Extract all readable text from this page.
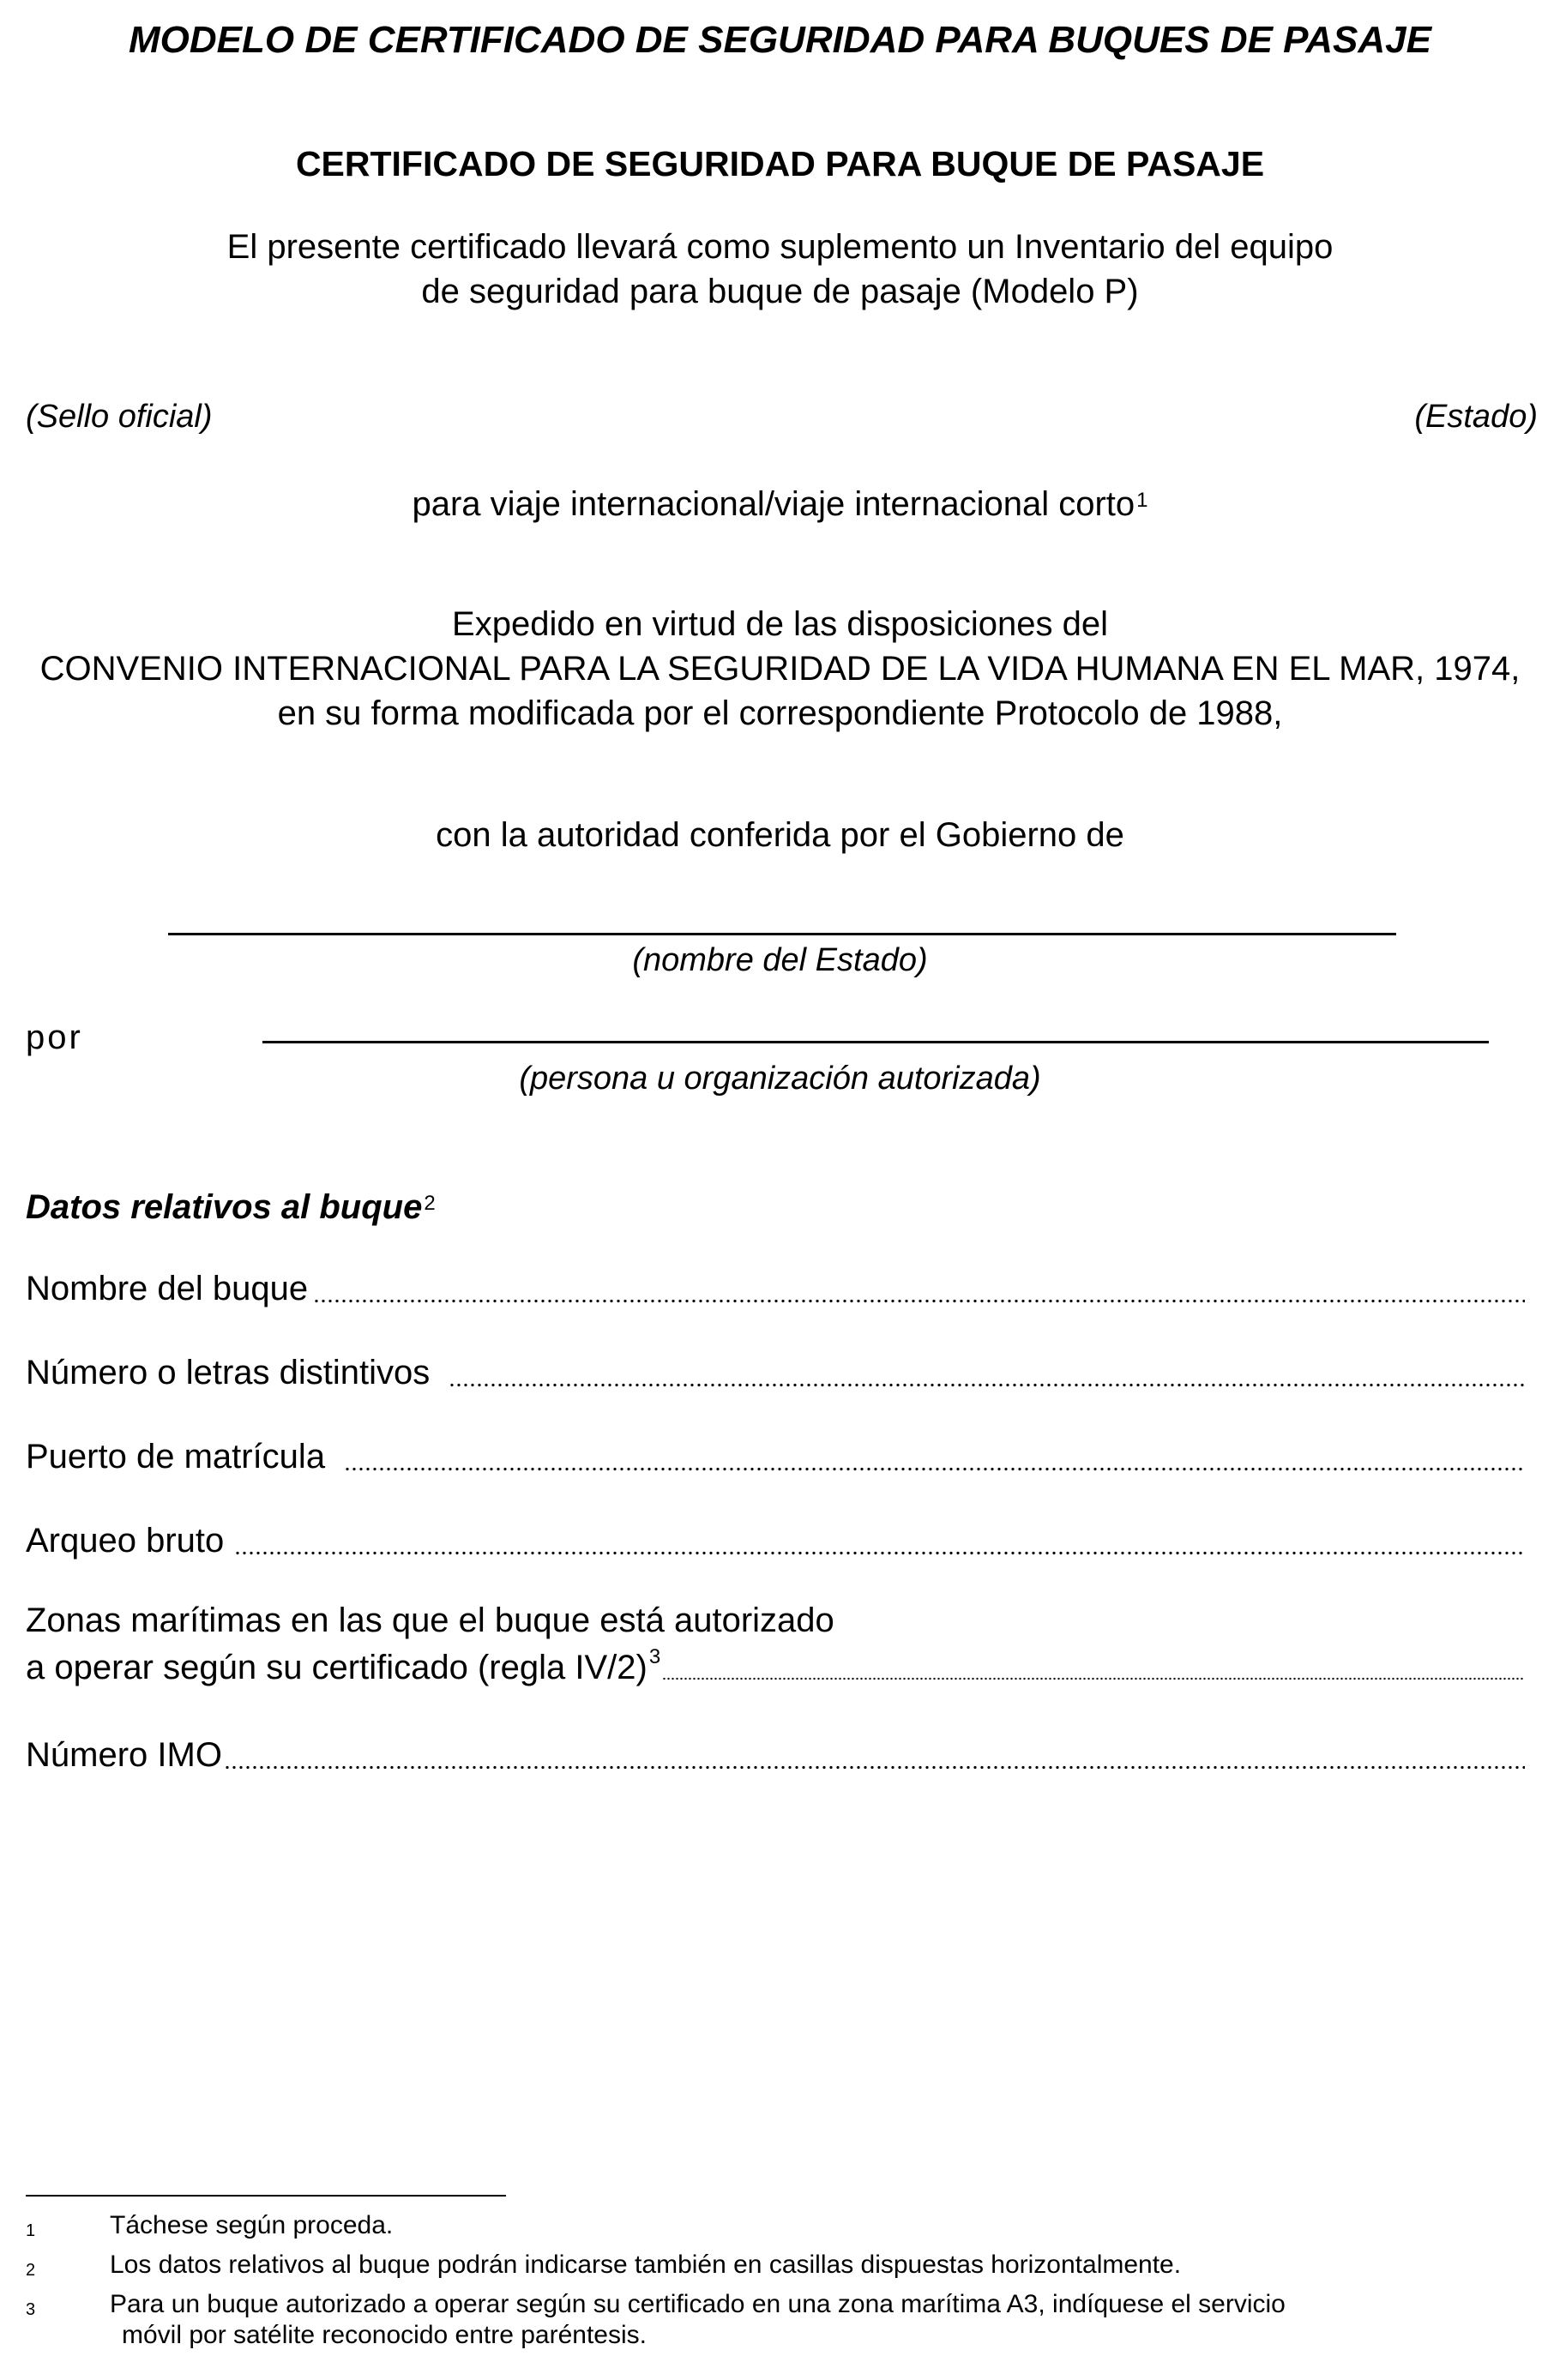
MODELO DE CERTIFICADO DE SEGURIDAD PARA BUQUES DE PASAJE
CERTIFICADO DE SEGURIDAD PARA BUQUE DE PASAJE
El presente certificado llevará como suplemento un Inventario del equipo
de seguridad para buque de pasaje (Modelo P)
(Sello oficial)	(Estado)
para viaje internacional/viaje internacional corto$^1$
Expedido en virtud de las disposiciones del
CONVENIO INTERNACIONAL PARA LA SEGURIDAD DE LA VIDA HUMANA EN EL MAR, 1974,
en su forma modificada por el correspondiente Protocolo de 1988,
con la autoridad conferida por el Gobierno de
(nombre del Estado)
por
(persona u organización autorizada)
Datos relativos al buque$^2$
Nombre del buque
Número o letras distintivos
Puerto de matrícula
Arqueo bruto
Zonas marítimas en las que el buque está autorizado
a operar según su certificado (regla IV/2)$^3$
Número IMO
1	Táchese según proceda.
2	Los datos relativos al buque podrán indicarse también en casillas dispuestas horizontalmente.
3	Para un buque autorizado a operar según su certificado en una zona marítima A3, indíquese el servicio
móvil por satélite reconocido entre paréntesis.
